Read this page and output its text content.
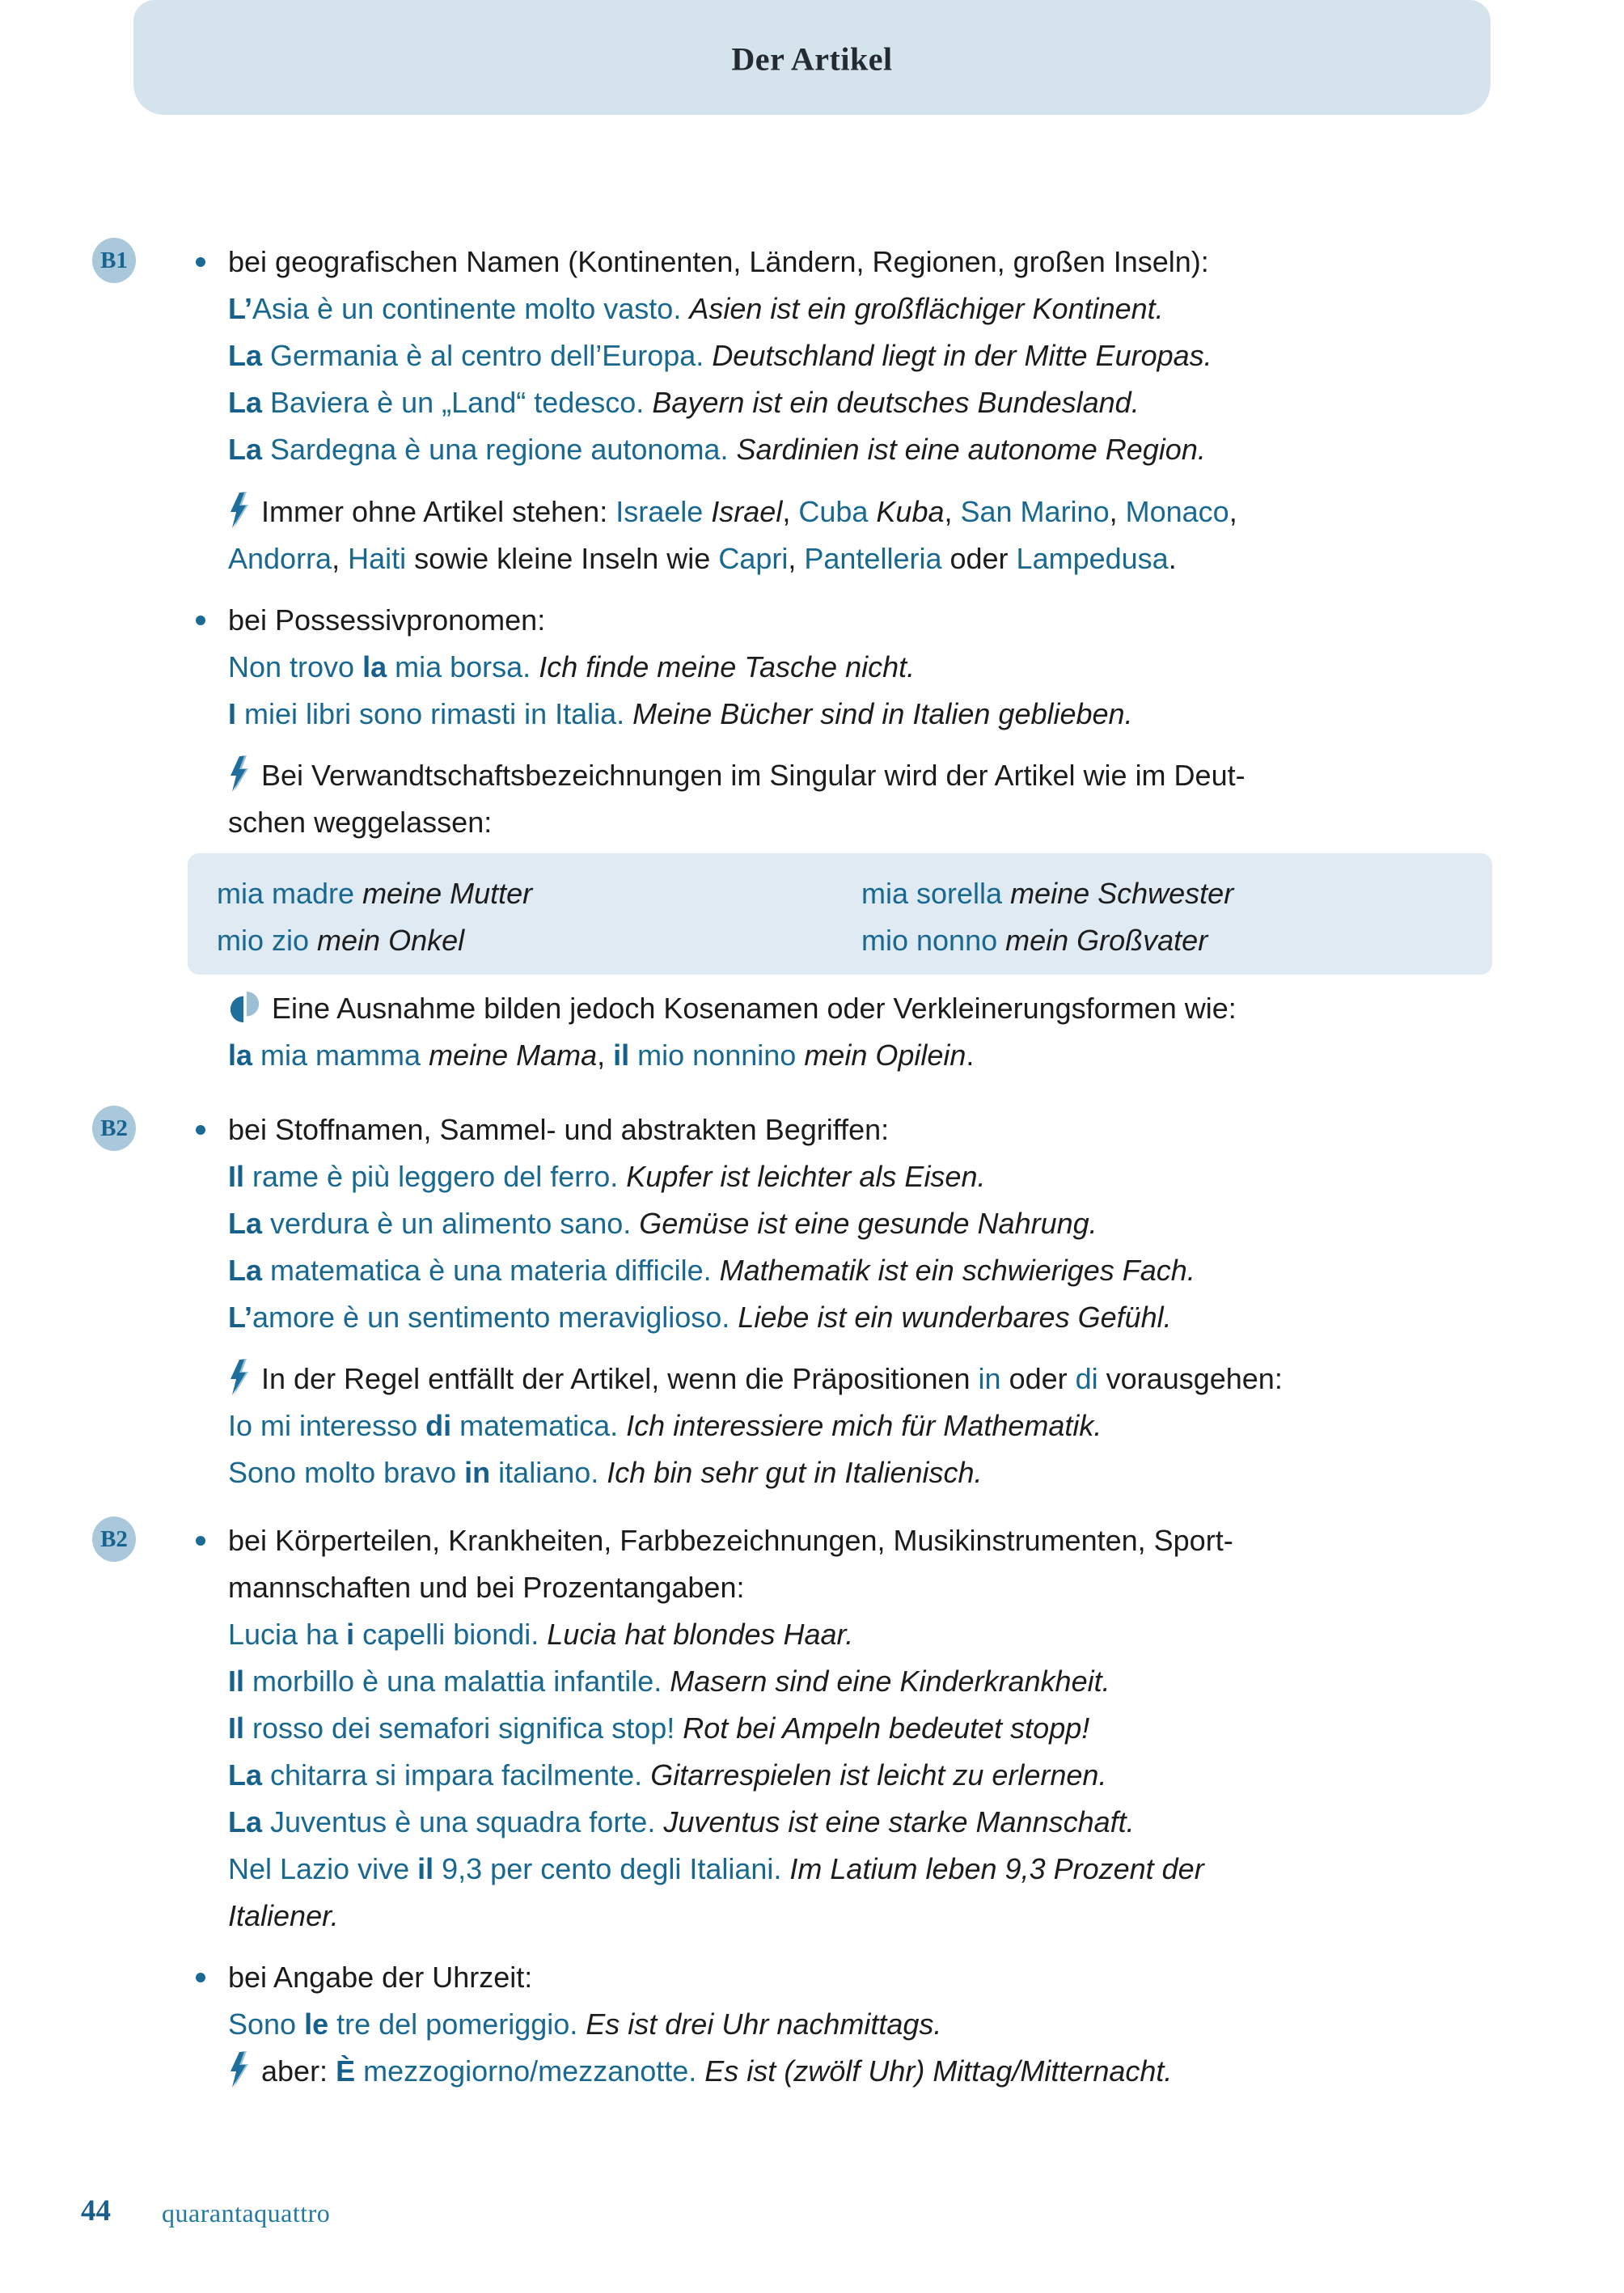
Der Artikel
B1
B2
B2
bei geografischen Namen (Kontinenten, Ländern, Regionen, großen Inseln):
L’Asia è un continente molto vasto. Asien ist ein großflächiger Kontinent.
La Germania è al centro dell’Europa. Deutschland liegt in der Mitte Europas.
La Baviera è un „Land“ tedesco. Bayern ist ein deutsches Bundesland.
La Sardegna è una regione autonoma. Sardinien ist eine autonome Region.
Immer ohne Artikel stehen: Israele Israel, Cuba Kuba, San Marino, Monaco,
Andorra, Haiti sowie kleine Inseln wie Capri, Pantelleria oder Lampedusa.
bei Possessivpronomen:
Non trovo la mia borsa. Ich finde meine Tasche nicht.
I miei libri sono rimasti in Italia. Meine Bücher sind in Italien geblieben.
Bei Verwandtschaftsbezeichnungen im Singular wird der Artikel wie im Deut-
schen weggelassen:
mia madre meine Mutter
mio zio mein Onkel
mia sorella meine Schwester
mio nonno mein Großvater
Eine Ausnahme bilden jedoch Kosenamen oder Verkleinerungsformen wie:
la mia mamma meine Mama, il mio nonnino mein Opilein.
bei Stoffnamen, Sammel- und abstrakten Begriffen:
Il rame è più leggero del ferro. Kupfer ist leichter als Eisen.
La verdura è un alimento sano. Gemüse ist eine gesunde Nahrung.
La matematica è una materia difficile. Mathematik ist ein schwieriges Fach.
L’amore è un sentimento meraviglioso. Liebe ist ein wunderbares Gefühl.
In der Regel entfällt der Artikel, wenn die Präpositionen in oder di vorausgehen:
Io mi interesso di matematica. Ich interessiere mich für Mathematik.
Sono molto bravo in italiano. Ich bin sehr gut in Italienisch.
bei Körperteilen, Krankheiten, Farbbezeichnungen, Musikinstrumenten, Sport-
mannschaften und bei Prozentangaben:
Lucia ha i capelli biondi. Lucia hat blondes Haar.
Il morbillo è una malattia infantile. Masern sind eine Kinderkrankheit.
Il rosso dei semafori significa stop! Rot bei Ampeln bedeutet stopp!
La chitarra si impara facilmente. Gitarrespielen ist leicht zu erlernen.
La Juventus è una squadra forte. Juventus ist eine starke Mannschaft.
Nel Lazio vive il 9,3 per cento degli Italiani. Im Latium leben 9,3 Prozent der
Italiener.
bei Angabe der Uhrzeit:
Sono le tre del pomeriggio. Es ist drei Uhr nachmittags.
aber: È mezzogiorno/mezzanotte. Es ist (zwölf Uhr) Mittag/Mitternacht.
44 quarantaquattro
